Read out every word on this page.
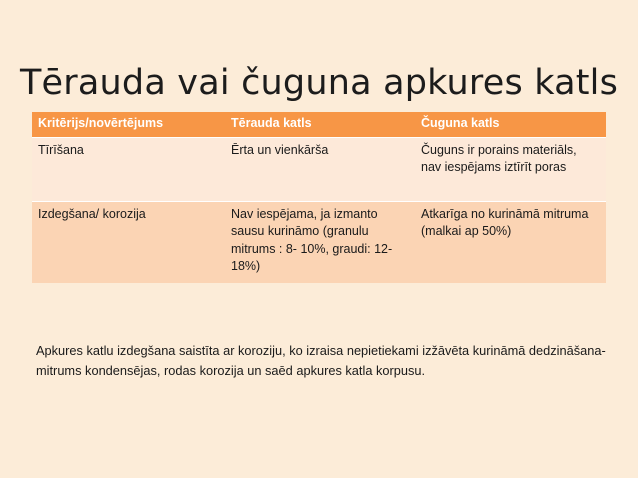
Tērauda vai čuguna apkures katls
Kritērijs/novērtējums	Tērauda katls	Čuguna katls
Tīrīšana	Ērta un vienkārša	Čuguns ir porains materiāls, nav iespējams iztīrīt poras
Izdegšana/ korozija	Nav iespējama, ja izmanto sausu kurināmo (granulu mitrums : 8- 10%, graudi: 12- 18%)	Atkarīga no kurināmā mitruma (malkai ap 50%)

Apkures katlu izdegšana saistīta ar koroziju, ko izraisa nepietiekami izžāvēta kurināmā dedzināšana- mitrums kondensējas, rodas korozija un saēd apkures katla korpusu.
